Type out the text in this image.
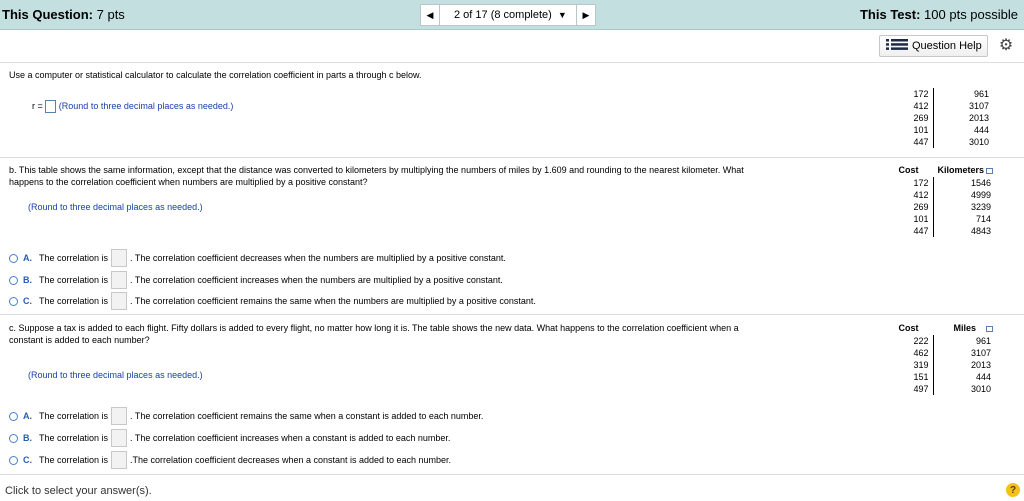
This Question: 7 pts	◀ 2 of 17 (8 complete) ▼ ▶	This Test: 100 pts possible
Question Help ⚙
Use a computer or statistical calculator to calculate the correlation coefficient in parts a through c below.
r = (Round to three decimal places as needed.)
172	961
412	3107
269	2013
101	444
447	3010
b. This table shows the same information, except that the distance was converted to kilometers by multiplying the numbers of miles by 1.609 and rounding to the nearest kilometer. What
happens to the correlation coefficient when numbers are multiplied by a positive constant?
(Round to three decimal places as needed.)
Cost	Kilometers
172	1546
412	4999
269	3239
101	714
447	4843
A. The correlation is . The correlation coefficient decreases when the numbers are multiplied by a positive constant.
B. The correlation is . The correlation coefficient increases when the numbers are multiplied by a positive constant.
C. The correlation is . The correlation coefficient remains the same when the numbers are multiplied by a positive constant.
c. Suppose a tax is added to each flight. Fifty dollars is added to every flight, no matter how long it is. The table shows the new data. What happens to the correlation coefficient when a
constant is added to each number?
(Round to three decimal places as needed.)
Cost	Miles
222	961
462	3107
319	2013
151	444
497	3010
A. The correlation is . The correlation coefficient remains the same when a constant is added to each number.
B. The correlation is . The correlation coefficient increases when a constant is added to each number.
C. The correlation is .The correlation coefficient decreases when a constant is added to each number.
Click to select your answer(s).	?
